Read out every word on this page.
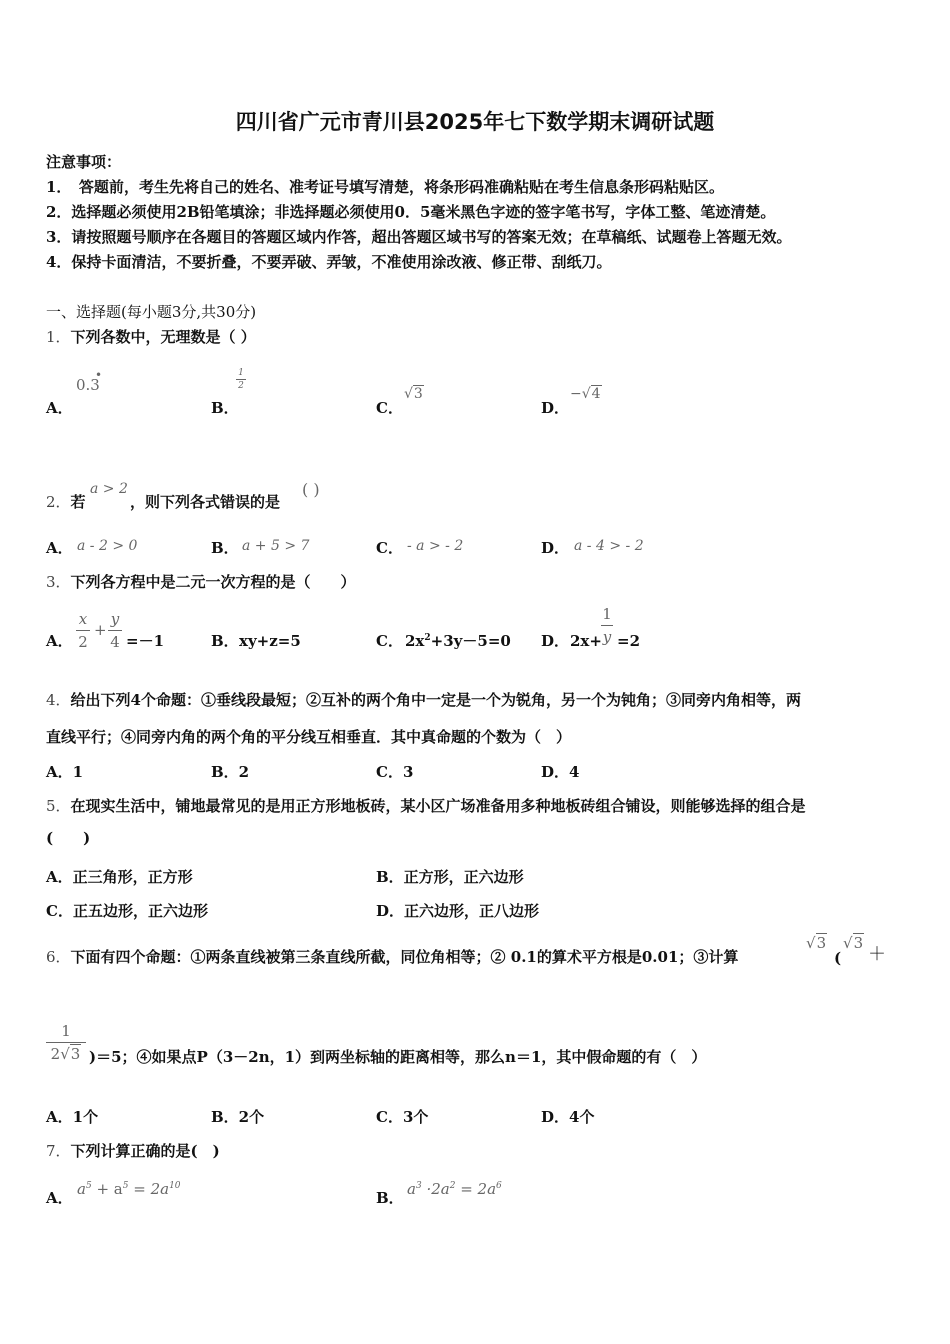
四川省广元市青川县2025年七下数学期末调研试题
注意事项：
1．　答题前，考生先将自己的姓名、准考证号填写清楚，将条形码准确粘贴在考生信息条形码粘贴区。
2．选择题必须使用2B铅笔填涂；非选择题必须使用0．5毫米黑色字迹的签字笔书写，字体工整、笔迹清楚。
3．请按照题号顺序在各题目的答题区域内作答，超出答题区域书写的答案无效；在草稿纸、试题卷上答题无效。
4．保持卡面清洁，不要折叠，不要弄破、弄皱，不准使用涂改液、修正带、刮纸刀。
一、选择题(每小题3分,共30分)
1．下列各数中，无理数是（ ）
A．
0.3
•
B．
1
2
C．
√3
D．
−√4
2．若
a > 2
，则下列各式错误的是
( )
A． a - 2 > 0	B． a + 5 > 7	C． - a > - 2	D． a - 4 > - 2
3．下列各方程中是二元一次方程的是（　　）
A．
x
2
+
y
4 =－1	B． xy+z=5	C． $2x^2+3y-5=0$ D． 2x+
1
y =2
4．给出下列4个命题：①垂线段最短；②互补的两个角中一定是一个为锐角，另一个为钝角；③同旁内角相等，两
直线平行；④同旁内角的两个角的平分线互相垂直．其中真命题的个数为（　）
A．1	B．2	C．3	D．4
5．在现实生活中，铺地最常见的是用正方形地板砖，某小区广场准备用多种地板砖组合铺设，则能够选择的组合是
(　　)
A．正三角形，正方形	B．正方形，正六边形
C．正五边形，正六边形	D．正六边形，正八边形
6．下面有四个命题：①两条直线被第三条直线所截，同位角相等；② 0.1的算术平方根是0.01；③计算
√3
(
√3
＋
1
2√3 )＝5；④如果点P（3－2n，1）到两坐标轴的距离相等，那么n＝1，其中假命题的有（　）
A．1个	B．2个	C．3个	D．4个
7．下列计算正确的是(　)
A． $a^5 + a^5 = 2a^{10}$
B． $a^3 \cdot 2a^2 = 2a^6$
